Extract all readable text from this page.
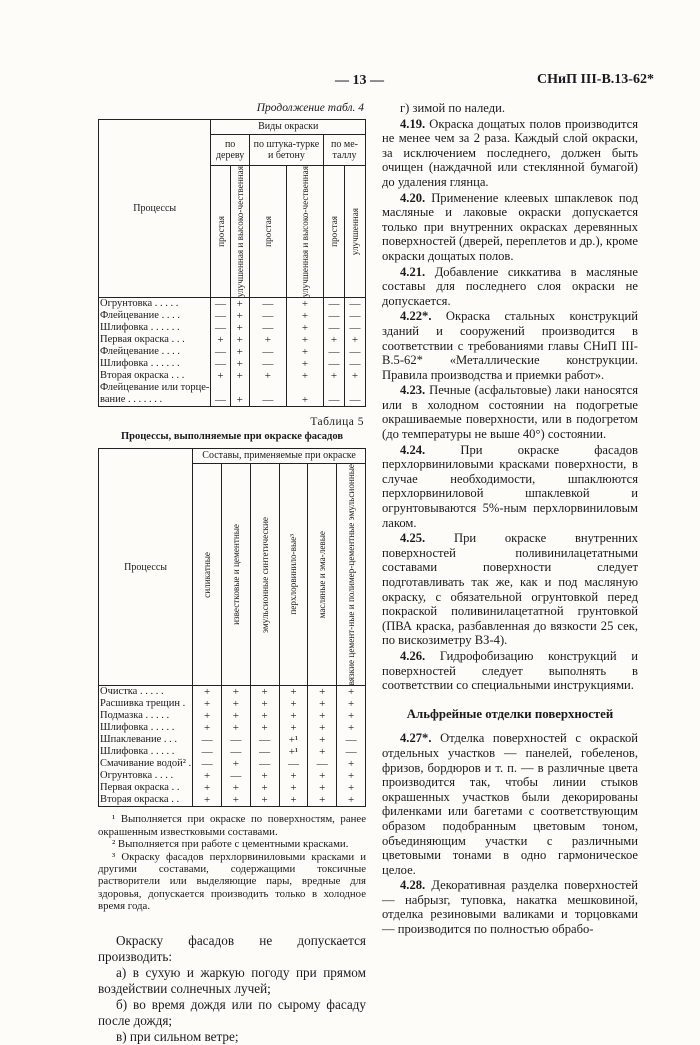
— 13 —	СНиП III-В.13-62*
Продолжение табл. 4
Процессы	Виды окраски					
	по дереву		по штука-турке и бетону		по ме-таллу	

	простая	улучшенная и высоко-чественная	простая	улучшенная и высоко-чественная	простая	улучшенная

Огрунтовка . . . . .	—	+	—	+	—	—
Флейцевание . . . .	—	+	—	+	—	—
Шлифовка . . . . . .	—	+	—	+	—	—
Первая окраска . . .	+	+	+	+	+	+
Флейцевание . . . .	—	+	—	+	—	—
Шлифовка . . . . . .	—	+	—	+	—	—
Вторая окраска . . .	+	+	+	+	+	+
Флейцевание или торце-						
вание . . . . . . .	—	+	—	+	—	—
Таблица 5
Процессы, выполняемые при окраске фасадов
Процессы	Составы, применяемые при окраске					

	силикатные	известковые и цементные	эмульсионные синтетические	перхлорвинило-вые³	масляные и эма-левые	вязкие цемент-ные и полимер-цементные эмульсионные

Очистка . . . . .	+	+	+	+	+	+
Расшивка трещин .	+	+	+	+	+	+
Подмазка . . . . .	+	+	+	+	+	+
Шлифовка . . . . .	+	+	+	+	+	+
Шпаклевание . . .	—	—	—	+¹	+	—
Шлифовка . . . . .	—	—	—	+¹	+	—
Смачивание водой² .	—	+	—	—	—	+
Огрунтовка . . . .	+	—	+	+	+	+
Первая окраска . .	+	+	+	+	+	+
Вторая окраска . .	+	+	+	+	+	+

¹ Выполняется при окраске по поверхностям, ранее окрашенным известковыми составами.

² Выполняется при работе с цементными красками.

³ Окраску фасадов перхлорвиниловыми красками и другими составами, содержащими токсичные растворители или выделяющие пары, вредные для здоровья, допускается производить только в холодное время года.

Окраску фасадов не допускается производить:

а) в сухую и жаркую погоду при прямом воздействии солнечных лучей;

б) во время дождя или по сырому фасаду после дождя;

в) при сильном ветре;

г) зимой по наледи.

4.19. Окраска дощатых полов производится не менее чем за 2 раза. Каждый слой окраски, за исключением последнего, должен быть очищен (наждачной или стеклянной бумагой) до удаления глянца.

4.20. Применение клеевых шпаклевок под масляные и лаковые окраски допускается только при внутренних окрасках деревянных поверхностей (дверей, переплетов и др.), кроме окраски дощатых полов.

4.21. Добавление сиккатива в масляные составы для последнего слоя окраски не допускается.

4.22*. Окраска стальных конструкций зданий и сооружений производится в соответствии с требованиями главы СНиП III-В.5-62* «Металлические конструкции. Правила производства и приемки работ».

4.23. Печные (асфальтовые) лаки наносятся или в холодном состоянии на подогретые окрашиваемые поверхности, или в подогретом (до температуры не выше 40°) состоянии.

4.24.	При окраске фасадов перхлорвиниловыми красками поверхности, в случае необходимости, шпаклюются перхлорвиниловой шпаклевкой и огрунтовываются 5%-ным перхлорвиниловым лаком.

4.25. При окраске внутренних поверхностей поливинилацетатными составами поверхности следует подготавливать так же, как и под масляную окраску, с обязательной огрунтовкой перед покраской поливинилацетатной грунтовкой (ПВА краска, разбавленная до вязкости 25 сек, по вискозиметру ВЗ-4).

4.26. Гидрофобизацию конструкций и поверхностей следует выполнять в соответствии со специальными инструкциями.

Альфрейные отделки поверхностей

4.27*. Отделка поверхностей с окраской отдельных участков — панелей, гобеленов, фризов, бордюров и т. п. — в различные цвета производится так, чтобы линии стыков окрашенных участков были декорированы филенками или багетами с соответствующим образом подобранным цветовым тоном, объединяющим участки с различными цветовыми тонами в одно гармоническое целое.

4.28. Декоративная разделка поверхностей — набрызг, туповка, накатка мешковиной, отделка резиновыми валиками и торцовками — производится по полностью обрабо-
